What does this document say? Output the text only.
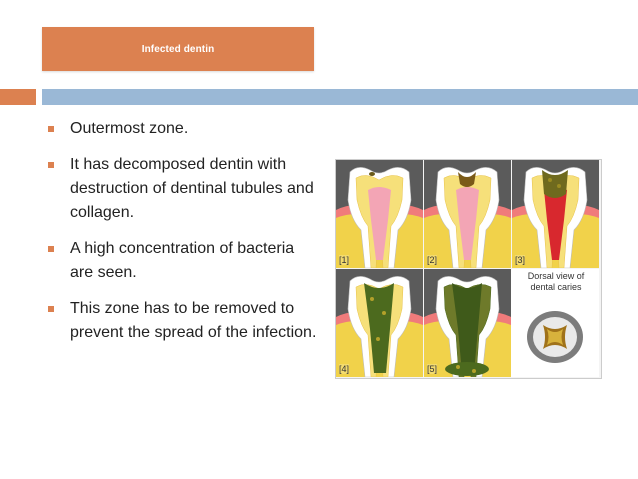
Infected dentin
Outermost zone.
It has decomposed dentin with destruction of dentinal tubules and collagen.
A high concentration of bacteria are seen.
This zone has to be removed to prevent the spread of the infection.
[1]	[2]	[3]
[4]	[5]
Dorsal view of
dental caries
